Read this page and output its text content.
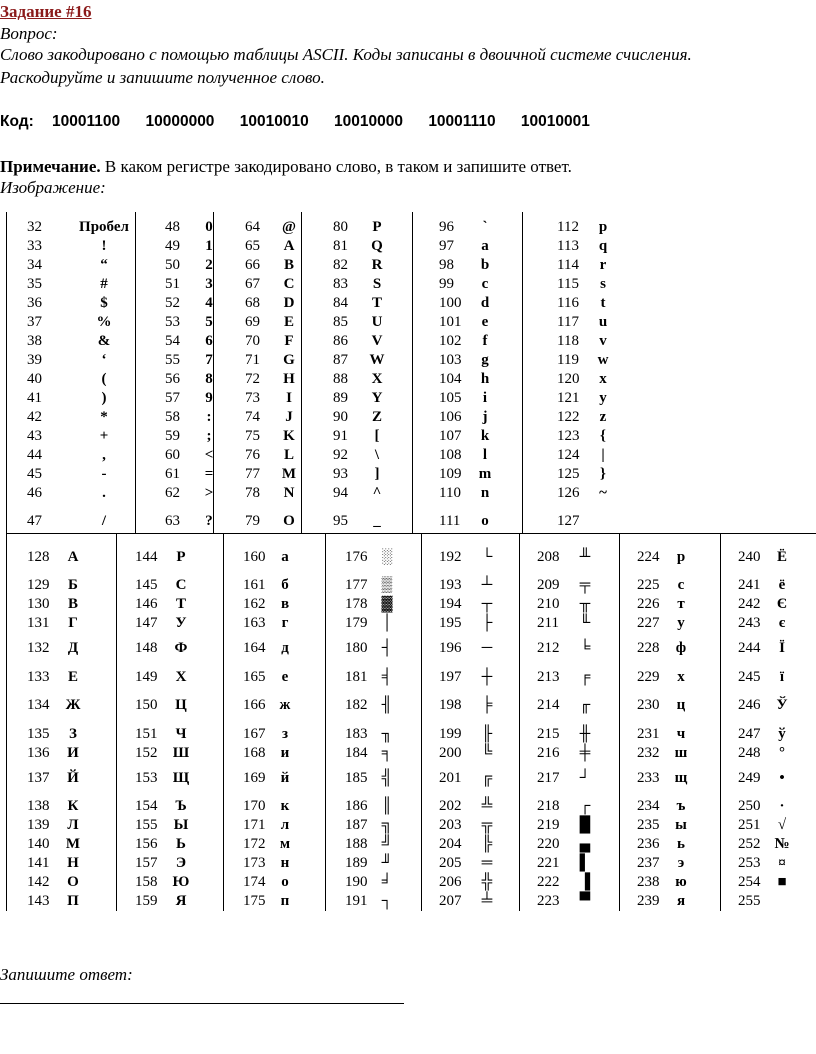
Задание #16
Вопрос:
Слово закодировано с помощью таблицы ASCII. Коды записаны в двоичной системе счисления.
Раскодируйте и запишите полученное слово.
Код: 10001100 10000000 10010010 10010000 10001110 10010001
Примечание. В каком регистре закодировано слово, в таком и запишите ответ.
Изображение:
32	Пробел
33	!
34	“
35	#
36	$
37	%
38	&
39	‘
40	(
41	)
42	*
43	+
44	,
45	-
46	.
47	/
48	0
49	1
50	2
51	3
52	4
53	5
54	6
55	7
56	8
57	9
58	:
59	;
60	<
61	=
62	>
63	?
64	@
65	A
66	B
67	C
68	D
69	E
70	F
71	G
72	H
73	I
74	J
75	K
76	L
77	M
78	N
79	O
80	P
81	Q
82	R
83	S
84	T
85	U
86	V
87	W
88	X
89	Y
90	Z
91	[
92	\
93	]
94	^
95	_
96	`
97	a
98	b
99	c
100	d
101	e
102	f
103	g
104	h
105	i
106	j
107	k
108	l
109	m
110	n
111	o
112	p
113	q
114	r
115	s
116	t
117	u
118	v
119	w
120	x
121	y
122	z
123	{
124	|
125	}
126	~
127
128	А
129	Б
130	В
131	Г
132	Д
133	Е
134	Ж
135	З
136	И
137	Й
138	К
139	Л
140	М
141	Н
142	О
143	П
144	Р
145	С
146	Т
147	У
148	Ф
149	Х
150	Ц
151	Ч
152	Ш
153	Щ
154	Ъ
155	Ы
156	Ь
157	Э
158	Ю
159	Я
160	а
161	б
162	в
163	г
164	д
165	е
166 ж
167	з
168	и
169	й
170	к
171	л
172 м
173	н
174	о
175	п
176 ░
177 ▒
178 ▓
179 │
180 ┤
181 ╡
182 ╢
183 ╖
184 ╕
185 ╣
186 ║
187 ╗
188 ╝
189 ╜
190 ╛
191 ┐
192	└
193	┴
194	┬
195	├
196	─
197	┼
198	╞
199	╟
200	╚
201	╔
202	╩
203	╦
204	╠
205	═
206	╬
207	╧
208	╨
209	╤
210	╥
211	╙
212	╘
213	╒
214	╓
215	╫
216	╪
217	┘
218	┌
219	█
220	▄
221	▌
222	▐
223	▀
224	р
225	с
226	т
227	у
228	ф
229	х
230	ц
231	ч
232	ш
233	щ
234	ъ
235	ы
236	ь
237	э
238	ю
239	я
240	Ё
241	ё
242	Є
243	є
244	Ї
245	ї
246	Ў
247	ў
248	°
249	•
250	·
251	√
252 №
253	¤
254	■
255
Запишите ответ:
